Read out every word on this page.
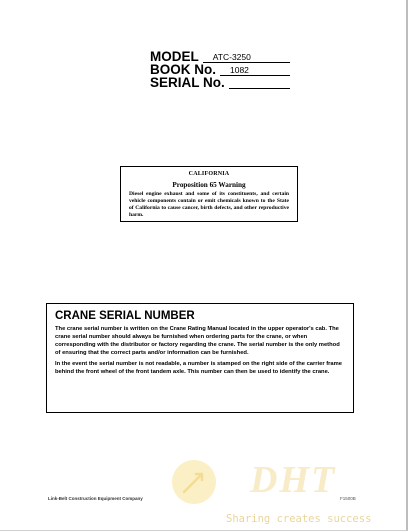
MODEL	ATC-3250
BOOK No.	1082
SERIAL No.
CALIFORNIA
Proposition 65 Warning
Diesel engine exhaust and some of its constituents, and certain vehicle components contain or emit chemicals known to the State of California to cause cancer, birth defects, and other reproductive harm.
CRANE SERIAL NUMBER
The crane serial number is written on the Crane Rating Manual located in the upper operator's cab. The crane serial number should always be furnished when ordering parts for the crane, or when corresponding with the distributor or factory regarding the crane. The serial number is the only method of ensuring that the correct parts and/or information can be furnished.
In the event the serial number is not readable, a number is stamped on the right side of the carrier frame behind the front wheel of the front tandem axle. This number can then be used to identify the crane.
Link-Belt Construction Equipment Company	F1500B
DHT
Sharing creates success
